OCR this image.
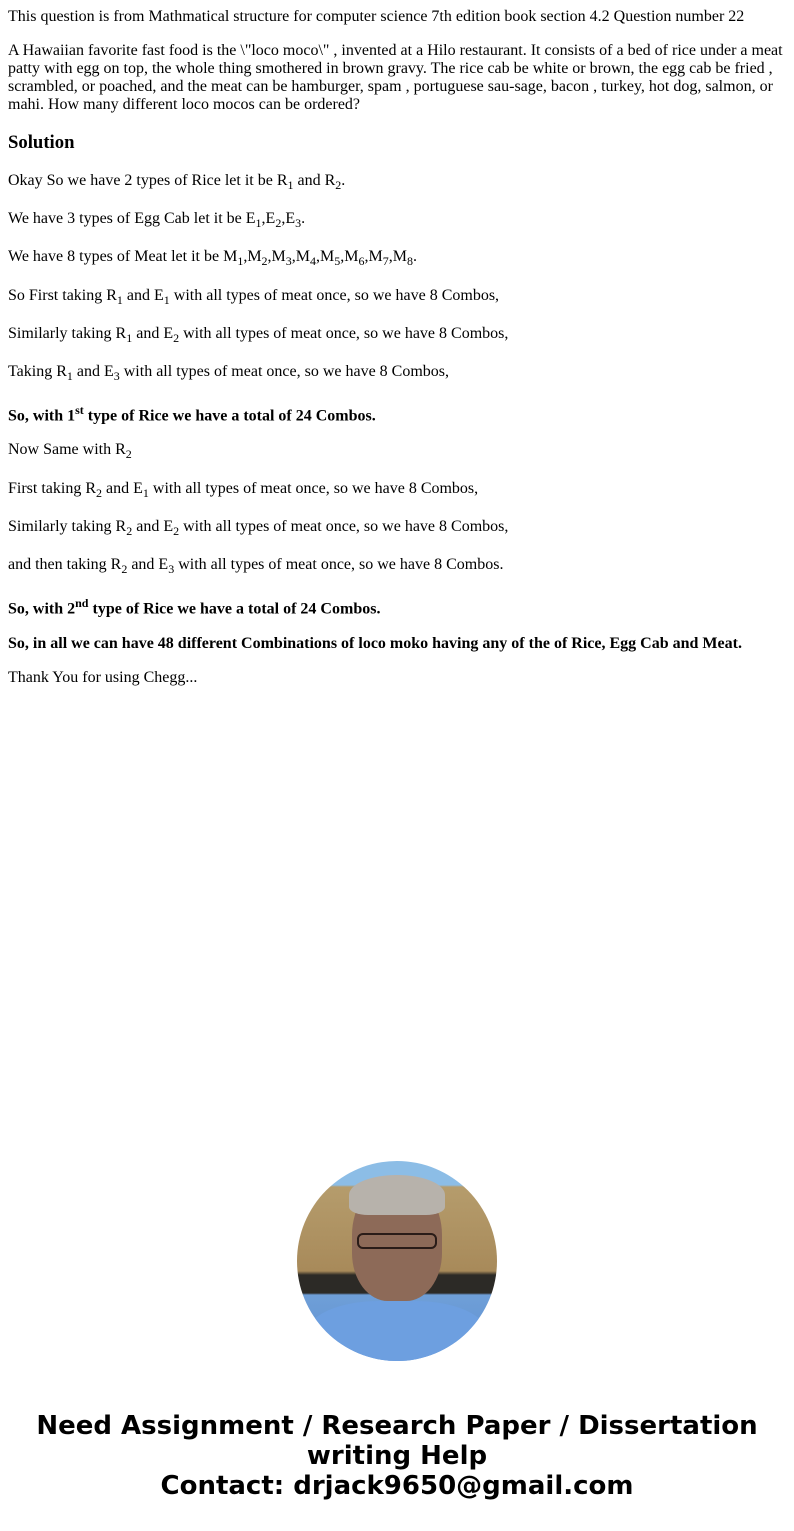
This question is from Mathmatical structure for computer science 7th edition book section 4.2 Question number 22

A Hawaiian favorite fast food is the \"loco moco\" , invented at a Hilo restaurant. It consists of a bed of rice under a meat patty with egg on top, the whole thing smothered in brown gravy. The rice cab be white or brown, the egg cab be fried , scrambled, or poached, and the meat can be hamburger, spam , portuguese sau-sage, bacon , turkey, hot dog, salmon, or mahi. How many different loco mocos can be ordered?

Solution

Okay So we have 2 types of Rice let it be $R_1$ and $R_2$.

We have 3 types of Egg Cab let it be $E_1,E_2,E_3$.

We have 8 types of Meat let it be $M_1,M_2,M_3,M_4,M_5,M_6,M_7,M_8$.

So First taking $R_1$ and $E_1$ with all types of meat once, so we have 8 Combos,

Similarly taking $R_1$ and $E_2$ with all types of meat once, so we have 8 Combos,

Taking $R_1$ and $E_3$ with all types of meat once, so we have 8 Combos,

So, with 1st type of Rice we have a total of 24 Combos.

Now Same with $R_2$

First taking $R_2$ and $E_1$ with all types of meat once, so we have 8 Combos,

Similarly taking $R_2$ and $E_2$ with all types of meat once, so we have 8 Combos,

and then taking $R_2$ and $E_3$ with all types of meat once, so we have 8 Combos.

So, with 2nd type of Rice we have a total of 24 Combos.

So, in all we can have 48 different Combinations of loco moko having any of the of Rice, Egg Cab and Meat.

Thank You for using Chegg...

Need Assignment / Research Paper / Dissertation
writing Help
Contact: drjack9650@gmail.com
